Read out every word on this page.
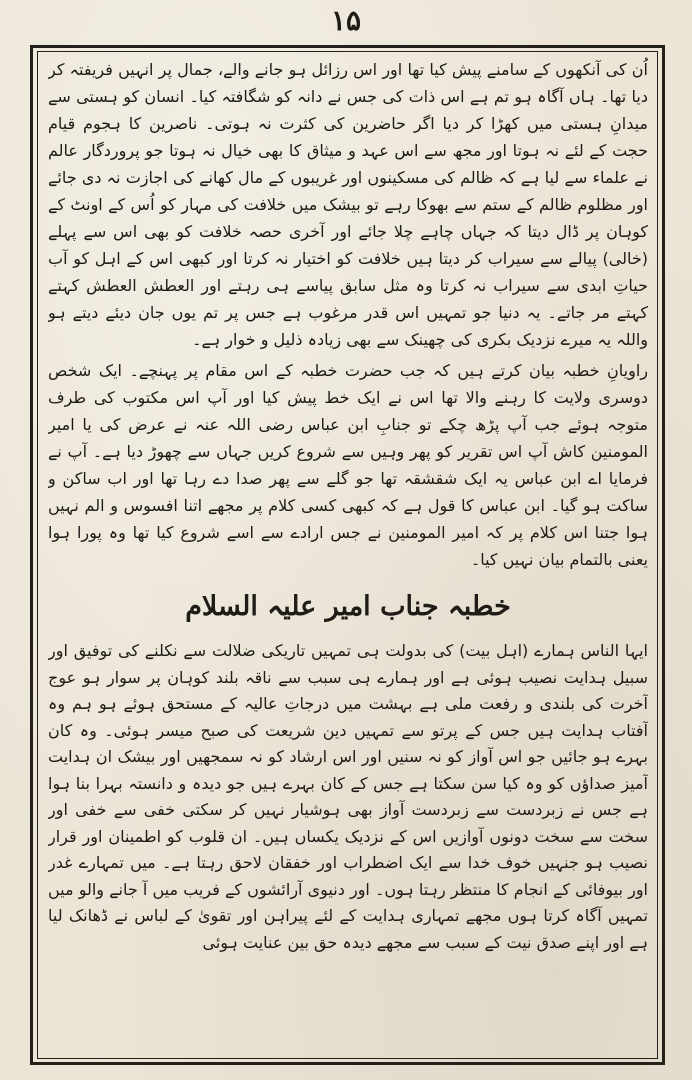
۱۵

اُن کی آنکھوں کے سامنے پیش کیا تھا اور اس رزائل ہو جانے والے، جمال پر انہیں فریفتہ کر دیا تھا۔ ہاں آگاہ ہو تم ہے اس ذات کی جس نے دانہ کو شگافتہ کیا۔ انسان کو ہستی سے میدانِ ہستی میں کھڑا کر دیا اگر حاضرین کی کثرت نہ ہوتی۔ ناصرین کا ہجوم قیام حجت کے لئے نہ ہوتا اور مجھ سے اس عہد و میثاق کا بھی خیال نہ ہوتا جو پروردگار عالم نے علماء سے لیا ہے کہ ظالم کی مسکینوں اور غریبوں کے مال کھانے کی اجازت نہ دی جائے اور مظلوم ظالم کے ستم سے بھوکا رہے تو بیشک میں خلافت کی مہار کو اُس کے اونٹ کے کوہان پر ڈال دیتا کہ جہاں چاہے چلا جائے اور آخری حصہ خلافت کو بھی اس سے پہلے (خالی) پیالے سے سیراب کر دیتا ہیں خلافت کو اختیار نہ کرتا اور کبھی اس کے اہل کو آب حیاتِ ابدی سے سیراب نہ کرتا وہ مثل سابق پیاسے ہی رہتے اور العطش العطش کہتے کہتے مر جاتے۔ یہ دنیا جو تمہیں اس قدر مرغوب ہے جس پر تم یوں جان دیئے دیتے ہو واللہ یہ میرے نزدیک بکری کی چھینک سے بھی زیادہ ذلیل و خوار ہے۔

راویانِ خطبہ بیان کرتے ہیں کہ جب حضرت خطبہ کے اس مقام پر پہنچے۔ ایک شخص دوسری ولایت کا رہنے والا تھا اس نے ایک خط پیش کیا اور آپ اس مکتوب کی طرف متوجہ ہوئے جب آپ پڑھ چکے تو جنابِ ابن عباس رضی اللہ عنہ نے عرض کی یا امیر المومنین کاش آپ اس تقریر کو پھر وہیں سے شروع کریں جہاں سے چھوڑ دیا ہے۔ آپ نے فرمایا اے ابن عباس یہ ایک شقشقہ تھا جو گلے سے پھر صدا دے رہا تھا اور اب ساکن و ساکت ہو گیا۔ ابن عباس کا قول ہے کہ کبھی کسی کلام پر مجھے اتنا افسوس و الم نہیں ہوا جتنا اس کلام پر کہ امیر المومنین نے جس ارادے سے اسے شروع کیا تھا وہ پورا ہوا یعنی بالتمام بیان نہیں کیا۔

خطبہ جناب امیر علیہ السلام

ایہا الناس ہمارے (اہل بیت) کی بدولت ہی تمہیں تاریکی ضلالت سے نکلنے کی توفیق اور سبیل ہدایت نصیب ہوئی ہے اور ہمارے ہی سبب سے ناقہ بلند کوہان پر سوار ہو عوج آخرت کی بلندی و رفعت ملی ہے بہشت میں درجاتِ عالیہ کے مستحق ہوئے ہو ہم وہ آفتاب ہدایت ہیں جس کے پرتو سے تمہیں دین شریعت کی صبح میسر ہوئی۔ وہ کان بہرے ہو جائیں جو اس آواز کو نہ سنیں اور اس ارشاد کو نہ سمجھیں اور بیشک ان ہدایت آمیز صداؤں کو وہ کیا سن سکتا ہے جس کے کان بہرے ہیں جو دیدہ و دانستہ بہرا بنا ہوا ہے جس نے زبردست سے زبردست آواز بھی ہوشیار نہیں کر سکتی خفی سے خفی اور سخت سے سخت دونوں آوازیں اس کے نزدیک یکساں ہیں۔ ان قلوب کو اطمینان اور قرار نصیب ہو جنہیں خوف خدا سے ایک اضطراب اور خفقان لاحق رہتا ہے۔ میں تمہارے غدر اور بیوفائی کے انجام کا منتظر رہتا ہوں۔ اور دنیوی آرائشوں کے فریب میں آ جانے والو میں تمہیں آگاہ کرتا ہوں مجھے تمہاری ہدایت کے لئے پیراہن اور تقویٰ کے لباس نے ڈھانک لیا ہے اور اپنے صدق نیت کے سبب سے مجھے دیدہ حق بین عنایت ہوئی
